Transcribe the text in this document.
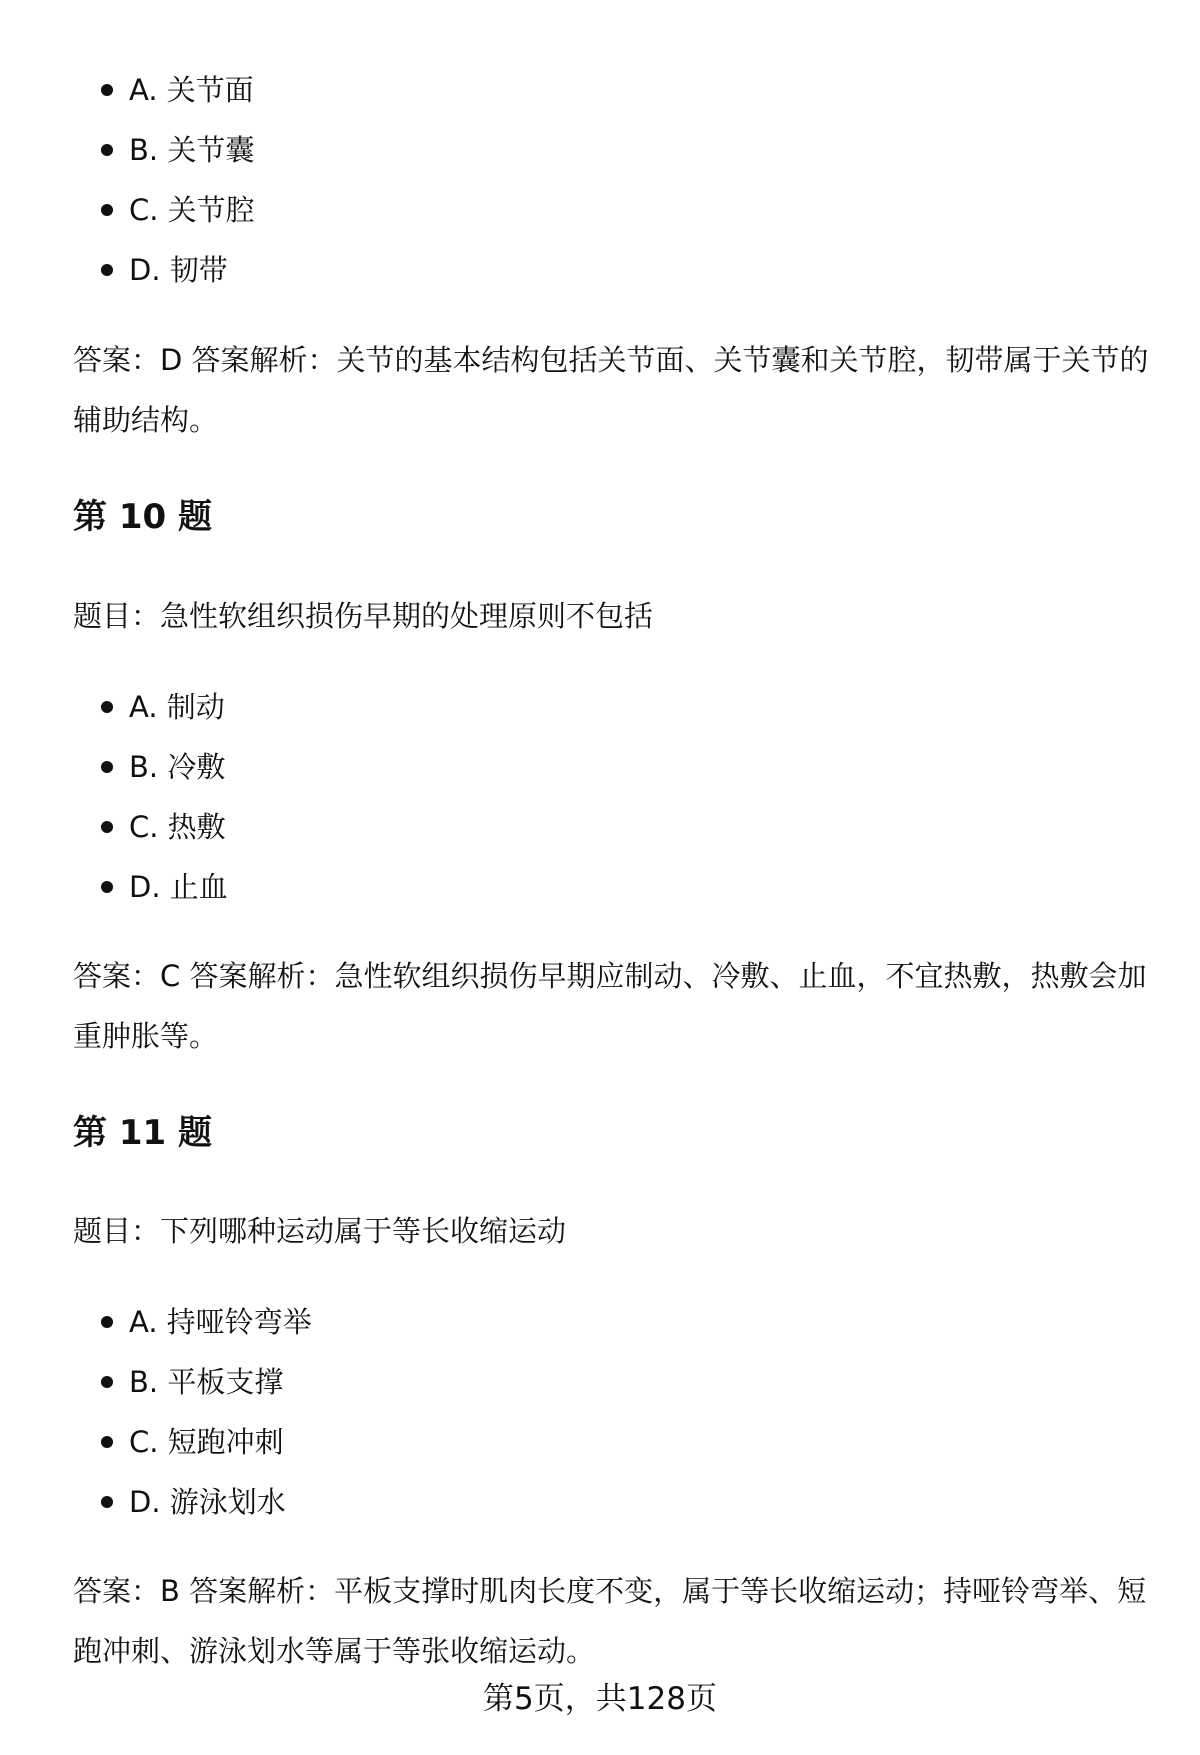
A. 关节面
B. 关节囊
C. 关节腔
D. 韧带

答案：D 答案解析：关节的基本结构包括关节面、关节囊和关节腔，韧带属于关节的辅助结构。

第 10 题

题目：急性软组织损伤早期的处理原则不包括

A. 制动
B. 冷敷
C. 热敷
D. 止血

答案：C 答案解析：急性软组织损伤早期应制动、冷敷、止血，不宜热敷，热敷会加重肿胀等。

第 11 题

题目：下列哪种运动属于等长收缩运动

A. 持哑铃弯举
B. 平板支撑
C. 短跑冲刺
D. 游泳划水

答案：B 答案解析：平板支撑时肌肉长度不变，属于等长收缩运动；持哑铃弯举、短跑冲刺、游泳划水等属于等张收缩运动。

第5页，共128页
